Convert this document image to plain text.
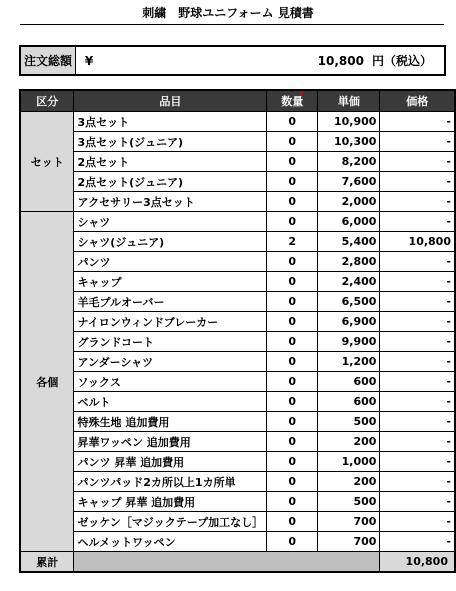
刺繍　野球ユニフォーム 見積書
注文総額	¥	10,800 円（税込）
区分	品目	数量	単価	価格
セット	3点セット	0	10,900	-
	3点セット(ジュニア)	0	10,300	-
	2点セット	0	8,200	-
	2点セット(ジュニア)	0	7,600	-
	アクセサリー3点セット	0	2,000	-
各個	シャツ	0	6,000	-
	シャツ(ジュニア)	2	5,400	10,800
	パンツ	0	2,800	-
	キャップ	0	2,400	-
	羊毛プルオーバー	0	6,500	-
	ナイロンウィンドブレーカー	0	6,900	-
	グランドコート	0	9,900	-
	アンダーシャツ	0	1,200	-
	ソックス	0	600	-
	ベルト	0	600	-
	特殊生地 追加費用	0	500	-
	昇華ワッペン 追加費用	0	200	-
	パンツ 昇華 追加費用	0	1,000	-
	パンツパッド2カ所以上1カ所単	0	200	-
	キャップ 昇華 追加費用	0	500	-
	ゼッケン［マジックテープ加工なし］	0	700	-
	ヘルメットワッペン	0	700	-
累計				10,800
